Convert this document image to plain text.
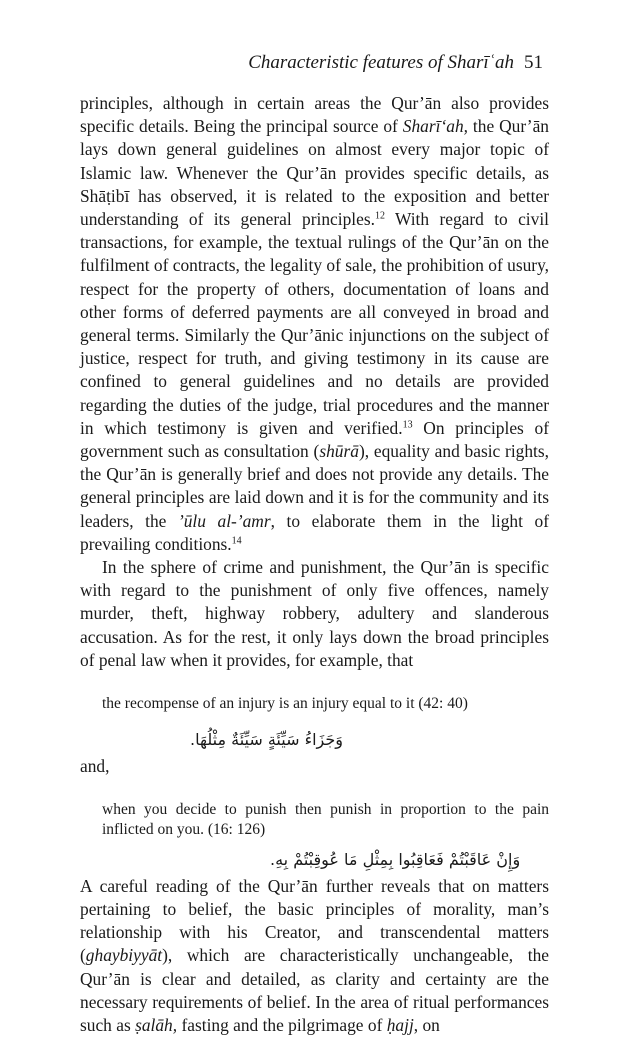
Characteristic features of Sharīʿah 51

principles, although in certain areas the Qur’ān also provides specific details. Being the principal source of Sharī‘ah, the Qur’ān lays down general guidelines on almost every major topic of Islamic law. Whenever the Qur’ān provides specific details, as Shāṭibī has observed, it is related to the exposition and better understanding of its general principles.$^{12}$ With regard to civil transactions, for example, the textual rulings of the Qur’ān on the fulfilment of contracts, the legality of sale, the prohibition of usury, respect for the property of others, documentation of loans and other forms of deferred payments are all conveyed in broad and general terms. Similarly the Qur’ānic injunctions on the subject of justice, respect for truth, and giving testimony in its cause are confined to general guidelines and no details are provided regarding the duties of the judge, trial procedures and the manner in which testimony is given and verified.$^{13}$ On principles of government such as consultation (shūrā), equality and basic rights, the Qur’ān is generally brief and does not provide any details. The general principles are laid down and it is for the community and its leaders, the ’ūlu al-’amr, to elaborate them in the light of prevailing conditions.$^{14}$

In the sphere of crime and punishment, the Qur’ān is specific with regard to the punishment of only five offences, namely murder, theft, highway robbery, adultery and slanderous accusation. As for the rest, it only lays down the broad principles of penal law when it provides, for example, that

the recompense of an injury is an injury equal to it (42: 40)
وَجَزَاءُ سَيِّئَةٍ سَيِّئَةٌ مِثْلُهَا.

and,

when you decide to punish then punish in proportion to the pain inflicted on you. (16: 126)
وَإِنْ عَاقَبْتُمْ فَعَاقِبُوا بِمِثْلِ مَا عُوقِبْتُمْ بِهِ.

A careful reading of the Qur’ān further reveals that on matters pertaining to belief, the basic principles of morality, man’s relationship with his Creator, and transcendental matters (ghaybiyyāt), which are characteristically unchangeable, the Qur’ān is clear and detailed, as clarity and certainty are the necessary requirements of belief. In the area of ritual performances such as ṣalāh, fasting and the pilgrimage of ḥajj, on
